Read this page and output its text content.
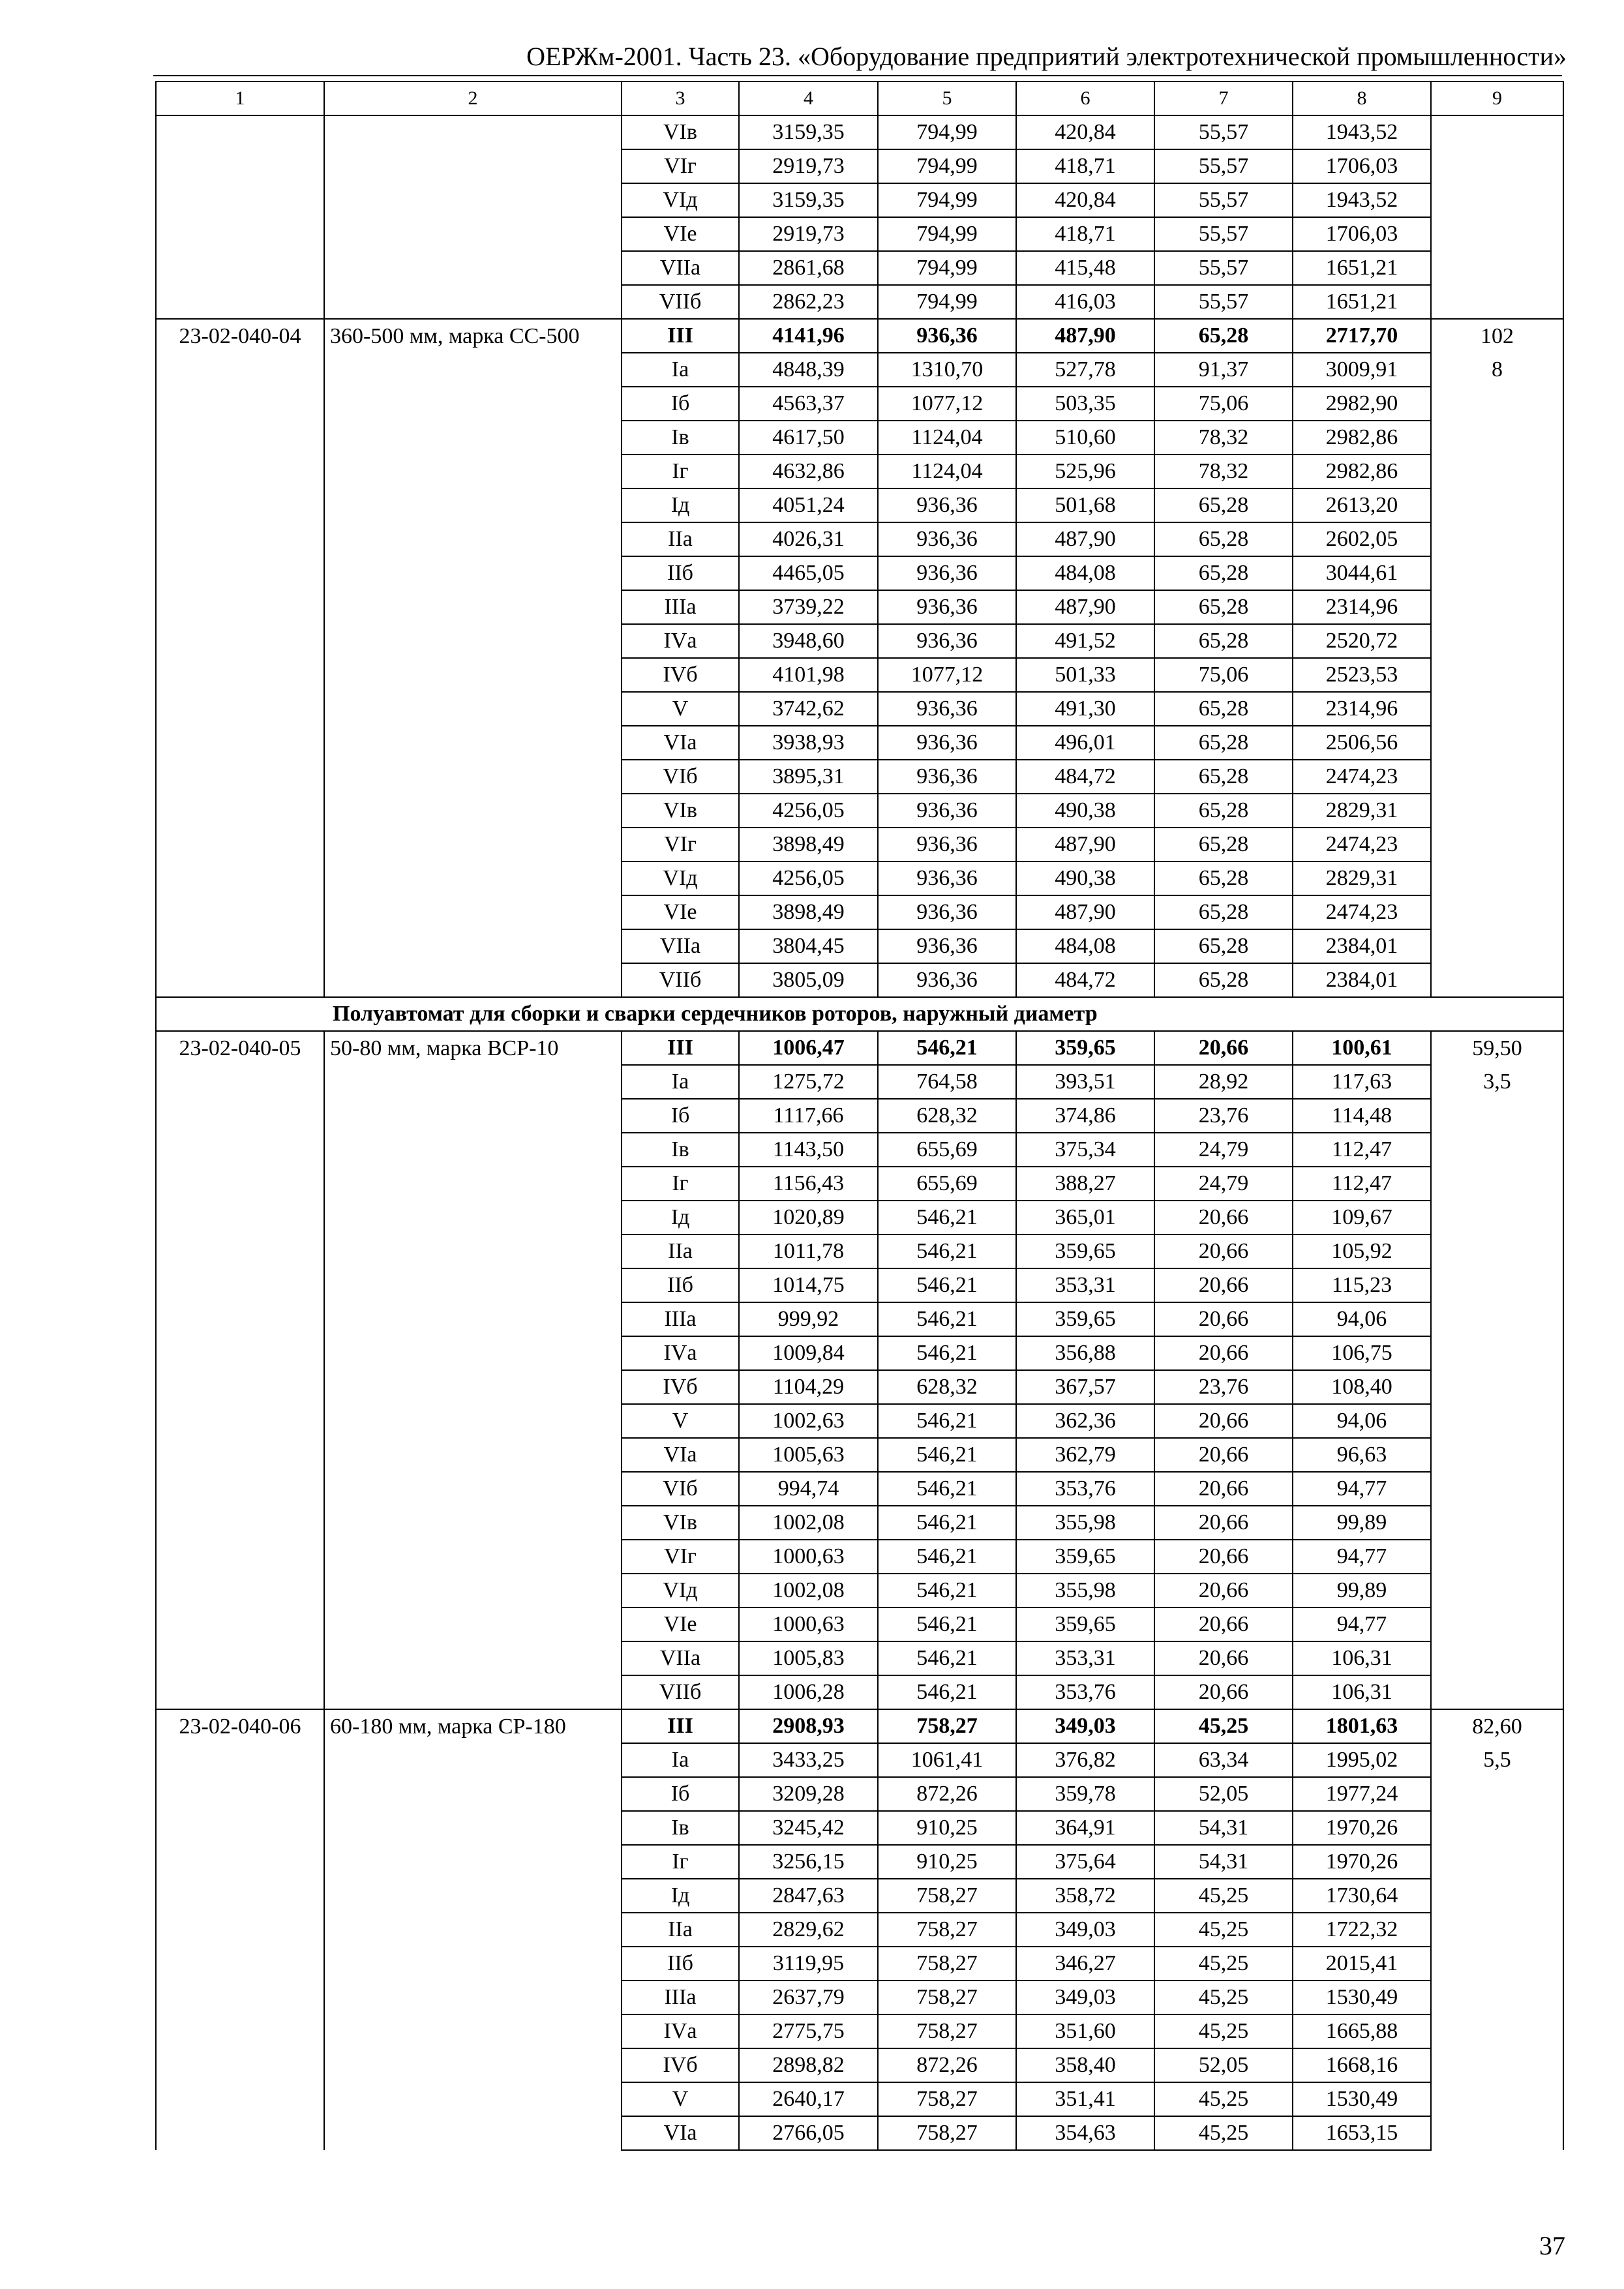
ОЕРЖм-2001. Часть 23. «Оборудование предприятий электротехнической промышленности»
1	2	3	4	5	6	7	8	9
		VIв	3159,35	794,99	420,84	55,57	1943,52	
		VIг	2919,73	794,99	418,71	55,57	1706,03	
		VIд	3159,35	794,99	420,84	55,57	1943,52	
		VIе	2919,73	794,99	418,71	55,57	1706,03	
		VIIа	2861,68	794,99	415,48	55,57	1651,21	
		VIIб	2862,23	794,99	416,03	55,57	1651,21	
23-02-040-04	360-500 мм, марка СС-500	III	4141,96	936,36	487,90	65,28	2717,70	102
		Iа	4848,39	1310,70	527,78	91,37	3009,91	8
		Iб	4563,37	1077,12	503,35	75,06	2982,90	
		Iв	4617,50	1124,04	510,60	78,32	2982,86	
		Iг	4632,86	1124,04	525,96	78,32	2982,86	
		Iд	4051,24	936,36	501,68	65,28	2613,20	
		IIа	4026,31	936,36	487,90	65,28	2602,05	
		IIб	4465,05	936,36	484,08	65,28	3044,61	
		IIIа	3739,22	936,36	487,90	65,28	2314,96	
		IVа	3948,60	936,36	491,52	65,28	2520,72	
		IVб	4101,98	1077,12	501,33	75,06	2523,53	
		V	3742,62	936,36	491,30	65,28	2314,96	
		VIа	3938,93	936,36	496,01	65,28	2506,56	
		VIб	3895,31	936,36	484,72	65,28	2474,23	
		VIв	4256,05	936,36	490,38	65,28	2829,31	
		VIг	3898,49	936,36	487,90	65,28	2474,23	
		VIд	4256,05	936,36	490,38	65,28	2829,31	
		VIе	3898,49	936,36	487,90	65,28	2474,23	
		VIIа	3804,45	936,36	484,08	65,28	2384,01	
		VIIб	3805,09	936,36	484,72	65,28	2384,01	
Полуавтомат для сборки и сварки сердечников роторов, наружный диаметр								
23-02-040-05	50-80 мм, марка ВСР-10	III	1006,47	546,21	359,65	20,66	100,61	59,50
		Iа	1275,72	764,58	393,51	28,92	117,63	3,5
		Iб	1117,66	628,32	374,86	23,76	114,48	
		Iв	1143,50	655,69	375,34	24,79	112,47	
		Iг	1156,43	655,69	388,27	24,79	112,47	
		Iд	1020,89	546,21	365,01	20,66	109,67	
		IIа	1011,78	546,21	359,65	20,66	105,92	
		IIб	1014,75	546,21	353,31	20,66	115,23	
		IIIа	999,92	546,21	359,65	20,66	94,06	
		IVа	1009,84	546,21	356,88	20,66	106,75	
		IVб	1104,29	628,32	367,57	23,76	108,40	
		V	1002,63	546,21	362,36	20,66	94,06	
		VIа	1005,63	546,21	362,79	20,66	96,63	
		VIб	994,74	546,21	353,76	20,66	94,77	
		VIв	1002,08	546,21	355,98	20,66	99,89	
		VIг	1000,63	546,21	359,65	20,66	94,77	
		VIд	1002,08	546,21	355,98	20,66	99,89	
		VIе	1000,63	546,21	359,65	20,66	94,77	
		VIIа	1005,83	546,21	353,31	20,66	106,31	
		VIIб	1006,28	546,21	353,76	20,66	106,31	
23-02-040-06	60-180 мм, марка СР-180	III	2908,93	758,27	349,03	45,25	1801,63	82,60
		Iа	3433,25	1061,41	376,82	63,34	1995,02	5,5
		Iб	3209,28	872,26	359,78	52,05	1977,24	
		Iв	3245,42	910,25	364,91	54,31	1970,26	
		Iг	3256,15	910,25	375,64	54,31	1970,26	
		Iд	2847,63	758,27	358,72	45,25	1730,64	
		IIа	2829,62	758,27	349,03	45,25	1722,32	
		IIб	3119,95	758,27	346,27	45,25	2015,41	
		IIIа	2637,79	758,27	349,03	45,25	1530,49	
		IVа	2775,75	758,27	351,60	45,25	1665,88	
		IVб	2898,82	872,26	358,40	52,05	1668,16	
		V	2640,17	758,27	351,41	45,25	1530,49	
		VIа	2766,05	758,27	354,63	45,25	1653,15	
37
